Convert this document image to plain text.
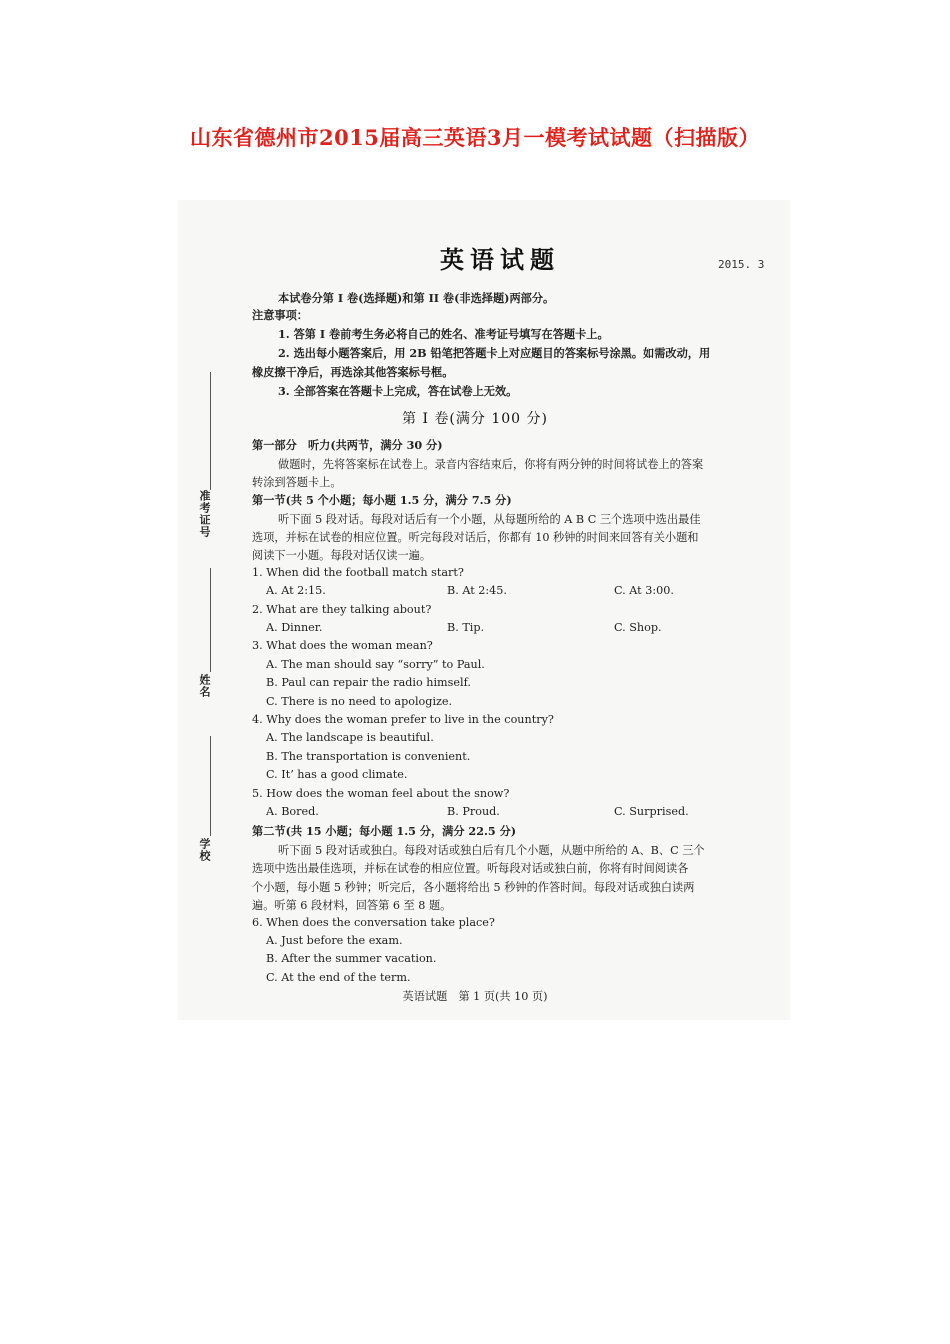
山东省德州市2015届高三英语3月一模考试试题（扫描版）
准考证号
姓名
学校
英语试题	2015. 3
本试卷分第 I 卷(选择题)和第 II 卷(非选择题)两部分。
注意事项：
1. 答第 I 卷前考生务必将自己的姓名、准考证号填写在答题卡上。
2. 选出每小题答案后，用 2B 铅笔把答题卡上对应题目的答案标号涂黑。如需改动，用
橡皮擦干净后，再选涂其他答案标号框。
3. 全部答案在答题卡上完成，答在试卷上无效。
第 I 卷(满分 100 分)
第一部分　听力(共两节，满分 30 分)
做题时，先将答案标在试卷上。录音内容结束后，你将有两分钟的时间将试卷上的答案
转涂到答题卡上。
第一节(共 5 个小题；每小题 1.5 分，满分 7.5 分)
听下面 5 段对话。每段对话后有一个小题，从每题所给的 A B C 三个选项中选出最佳
选项，并标在试卷的相应位置。听完每段对话后，你都有 10 秒钟的时间来回答有关小题和
阅读下一小题。每段对话仅读一遍。
1. When did the football match start?
A. At 2:15.	B. At 2:45.	C. At 3:00.
2. What are they talking about?
A. Dinner.	B. Tip.	C. Shop.
3. What does the woman mean?
A. The man should say “sorry” to Paul.
B. Paul can repair the radio himself.
C. There is no need to apologize.
4. Why does the woman prefer to live in the country?
A. The landscape is beautiful.
B. The transportation is convenient.
C. It’ has a good climate.
5. How does the woman feel about the snow?
A. Bored.	B. Proud.	C. Surprised.
第二节(共 15 小题；每小题 1.5 分，满分 22.5 分)
听下面 5 段对话或独白。每段对话或独白后有几个小题，从题中所给的 A、B、C 三个
选项中选出最佳选项，并标在试卷的相应位置。听每段对话或独白前，你将有时间阅读各
个小题，每小题 5 秒钟；听完后，各小题将给出 5 秒钟的作答时间。每段对话或独白读两
遍。听第 6 段材料，回答第 6 至 8 题。
6. When does the conversation take place?
A. Just before the exam.
B. After the summer vacation.
C. At the end of the term.
英语试题　第 1 页(共 10 页)
